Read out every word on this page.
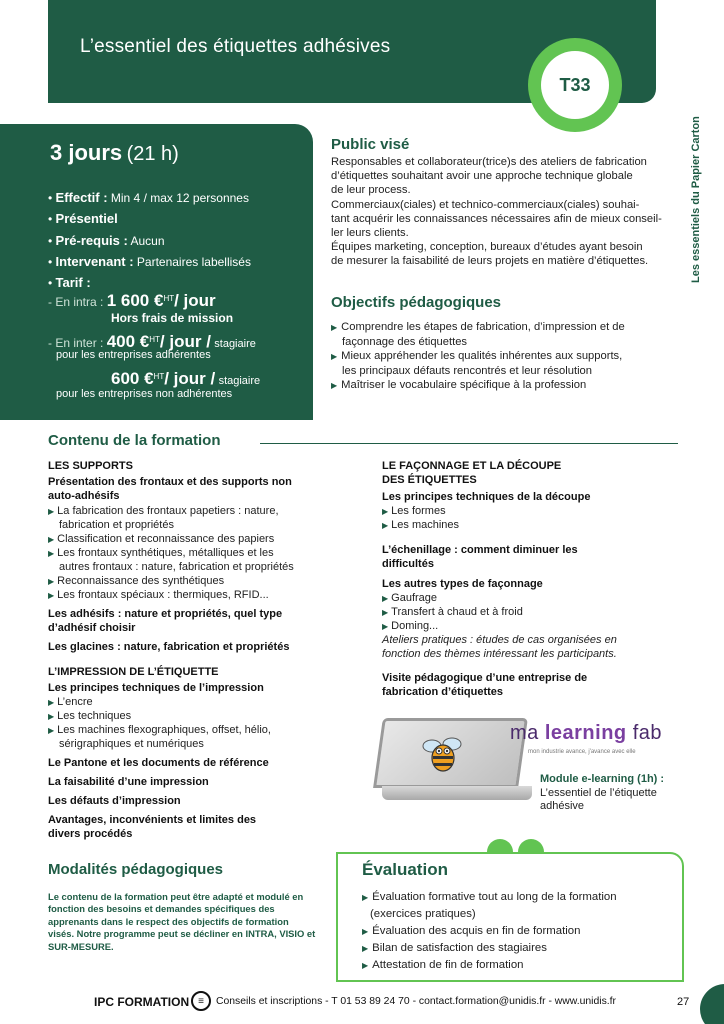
L’essentiel des étiquettes adhésives
T33
Les essentiels du Papier Carton
3 jours (21 h)
• Effectif : Min 4 / max 12 personnes
• Présentiel
• Pré-requis : Aucun
• Intervenant : Partenaires labellisés
• Tarif :
- En intra : 1 600 €$^{HT}$/ jour
Hors frais de mission
- En inter : 400 €$^{HT}$/ jour / stagiaire
pour les entreprises adhérentes
600 €$^{HT}$/ jour / stagiaire
pour les entreprises non adhérentes
Public visé
Responsables et collaborateur(trice)s des ateliers de fabrication
d’étiquettes souhaitant avoir une approche technique globale
de leur process.
Commerciaux(ciales) et technico-commerciaux(ciales) souhai-
tant acquérir les connaissances nécessaires afin de mieux conseil-
ler leurs clients.
Équipes marketing, conception, bureaux d’études ayant besoin
de mesurer la faisabilité de leurs projets en matière d’étiquettes.
Objectifs pédagogiques
▶ Comprendre les étapes de fabrication, d’impression et de
façonnage des étiquettes
▶ Mieux appréhender les qualités inhérentes aux supports,
les principaux défauts rencontrés et leur résolution
▶ Maîtriser le vocabulaire spécifique à la profession
Contenu de la formation
LES SUPPORTS
Présentation des frontaux et des supports non
auto-adhésifs
▶ La fabrication des frontaux papetiers : nature,
fabrication et propriétés
▶ Classification et reconnaissance des papiers
▶ Les frontaux synthétiques, métalliques et les
autres frontaux : nature, fabrication et propriétés
▶ Reconnaissance des synthétiques
▶ Les frontaux spéciaux : thermiques, RFID...
Les adhésifs : nature et propriétés, quel type
d’adhésif choisir
Les glacines : nature, fabrication et propriétés
L’IMPRESSION DE L’ÉTIQUETTE
Les principes techniques de l’impression
▶ L’encre
▶ Les techniques
▶ Les machines flexographiques, offset, hélio,
sérigraphiques et numériques
Le Pantone et les documents de référence
La faisabilité d’une impression
Les défauts d’impression
Avantages, inconvénients et limites des
divers procédés
LE FAÇONNAGE ET LA DÉCOUPE
DES ÉTIQUETTES
Les principes techniques de la découpe
▶ Les formes
▶ Les machines
L’échenillage : comment diminuer les
difficultés
Les autres types de façonnage
▶ Gaufrage
▶ Transfert à chaud et à froid
▶ Doming...
Ateliers pratiques : études de cas organisées en
fonction des thèmes intéressant les participants.
Visite pédagogique d’une entreprise de
fabrication d’étiquettes
ma learning fab
mon industrie avance, j'avance avec elle
Module e-learning (1h) :
L’essentiel de l’étiquette adhésive
Modalités pédagogiques
Le contenu de la formation peut être adapté et modulé en fonction des besoins et demandes spécifiques des apprenants dans le respect des objectifs de formation visés. Notre programme peut se décliner en INTRA, VISIO et SUR-MESURE.
Évaluation
▶ Évaluation formative tout au long de la formation
(exercices pratiques)
▶ Évaluation des acquis en fin de formation
▶ Bilan de satisfaction des stagiaires
▶ Attestation de fin de formation
IPC FORMATION ≡	Conseils et inscriptions - T 01 53 89 24 70 - contact.formation@unidis.fr - www.unidis.fr	27
